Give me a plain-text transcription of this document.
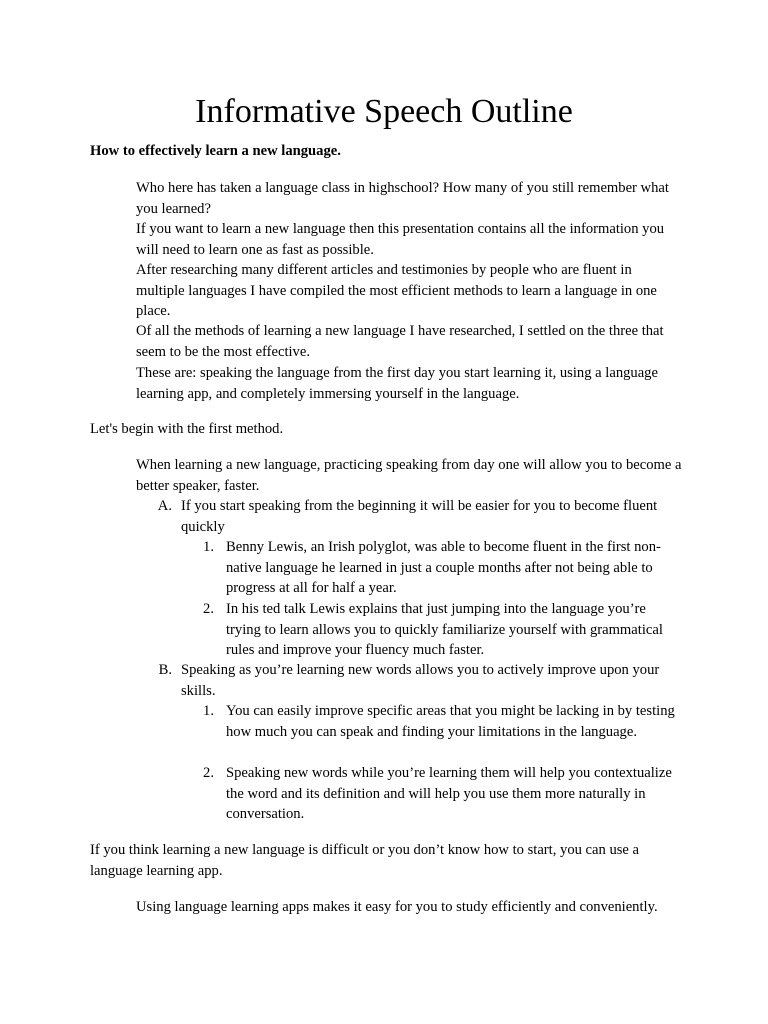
Informative Speech Outline
How to effectively learn a new language.
Who here has taken a language class in highschool? How many of you still remember what you learned?
If you want to learn a new language then this presentation contains all the information you will need to learn one as fast as possible.
After researching many different articles and testimonies by people who are fluent in multiple languages I have compiled the most efficient methods to learn a language in one place.
Of all the methods of learning a new language I have researched, I settled on the three that seem to be the most effective.
These are: speaking the language from the first day you start learning it, using a language learning app, and completely immersing yourself in the language.
Let's begin with the first method.
When learning a new language, practicing speaking from day one will allow you to become a better speaker, faster.
A. If you start speaking from the beginning it will be easier for you to become fluent quickly
1. Benny Lewis, an Irish polyglot, was able to become fluent in the first non-native language he learned in just a couple months after not being able to progress at all for half a year.
2. In his ted talk Lewis explains that just jumping into the language you’re trying to learn allows you to quickly familiarize yourself with grammatical rules and improve your fluency much faster.
B. Speaking as you’re learning new words allows you to actively improve upon your skills.
1. You can easily improve specific areas that you might be lacking in by testing how much you can speak and finding your limitations in the language.
2. Speaking new words while you’re learning them will help you contextualize the word and its definition and will help you use them more naturally in conversation.
If you think learning a new language is difficult or you don’t know how to start, you can use a language learning app.
Using language learning apps makes it easy for you to study efficiently and conveniently.
